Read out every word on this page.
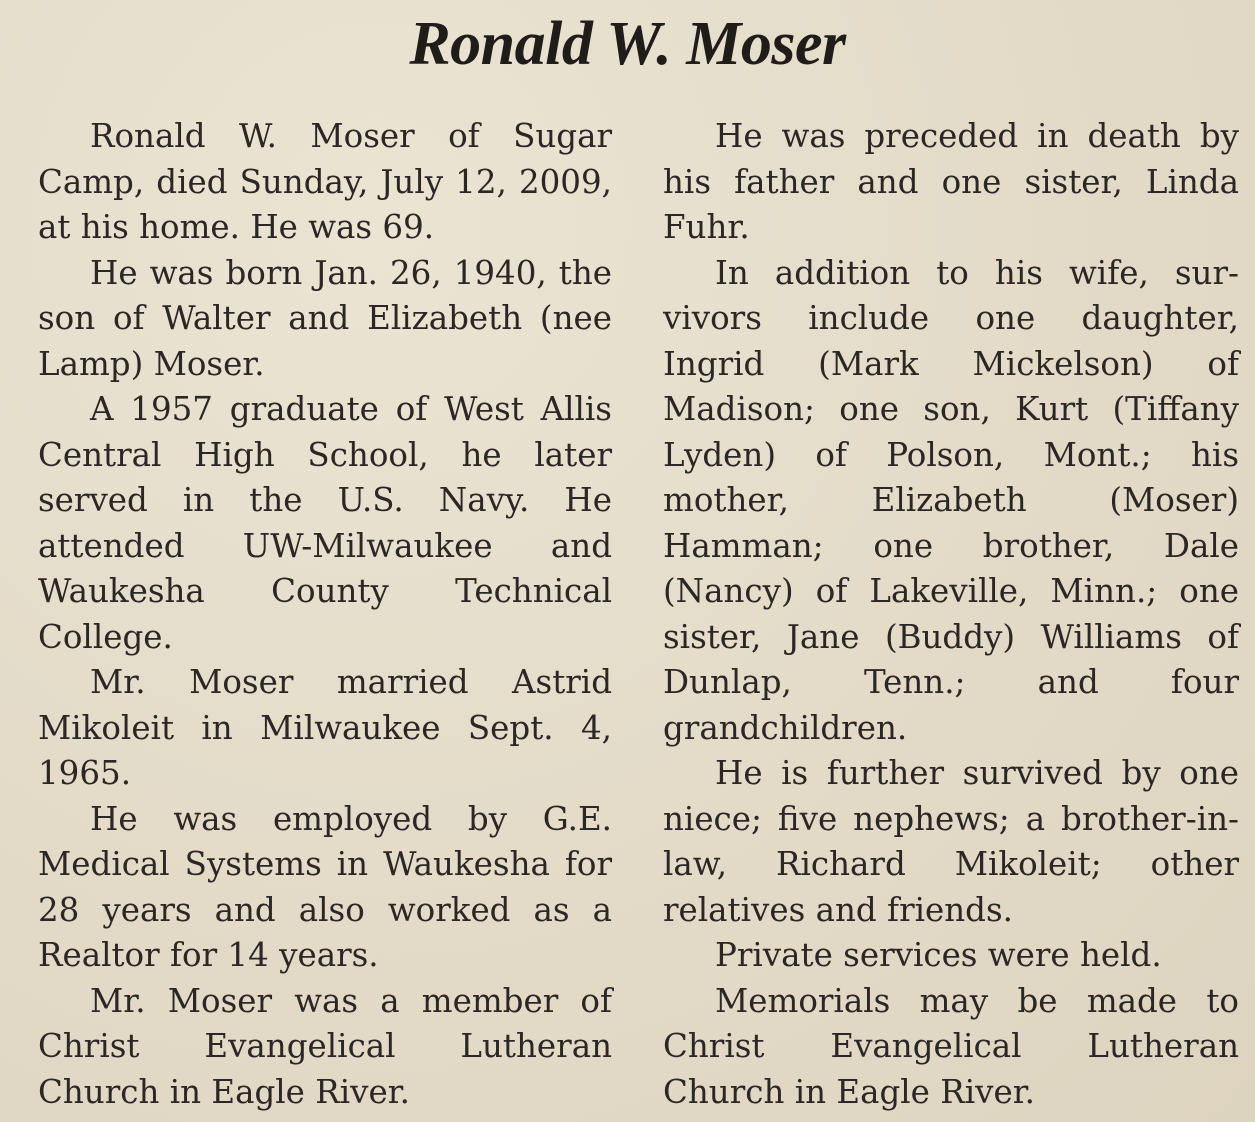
Ronald W. Moser

Ronald W. Moser of Sugar Camp, died Sunday, July 12, 2009, at his home. He was 69.

He was born Jan. 26, 1940, the son of Walter and Elizabeth (nee Lamp) Moser.

A 1957 graduate of West Allis Central High School, he later served in the U.S. Navy. He attended UW-Milwaukee and Waukesha County Technical College.

Mr. Moser married Astrid Mikoleit in Milwaukee Sept. 4, 1965.

He was employed by G.E. Medical Systems in Waukesha for 28 years and also worked as a Realtor for 14 years.

Mr. Moser was a member of Christ Evangelical Lutheran Church in Eagle River.

He was preceded in death by his father and one sister, Linda Fuhr.

In addition to his wife, survivors include one daughter, Ingrid (Mark Mickelson) of Madison; one son, Kurt (Tiffany Lyden) of Polson, Mont.; his mother, Elizabeth (Moser) Hamman; one brother, Dale (Nancy) of Lakeville, Minn.; one sister, Jane (Buddy) Williams of Dunlap, Tenn.; and four grandchildren.

He is further survived by one niece; five nephews; a brother-in-law, Richard Mikoleit; other relatives and friends.

Private services were held.

Memorials may be made to Christ Evangelical Lutheran Church in Eagle River.
